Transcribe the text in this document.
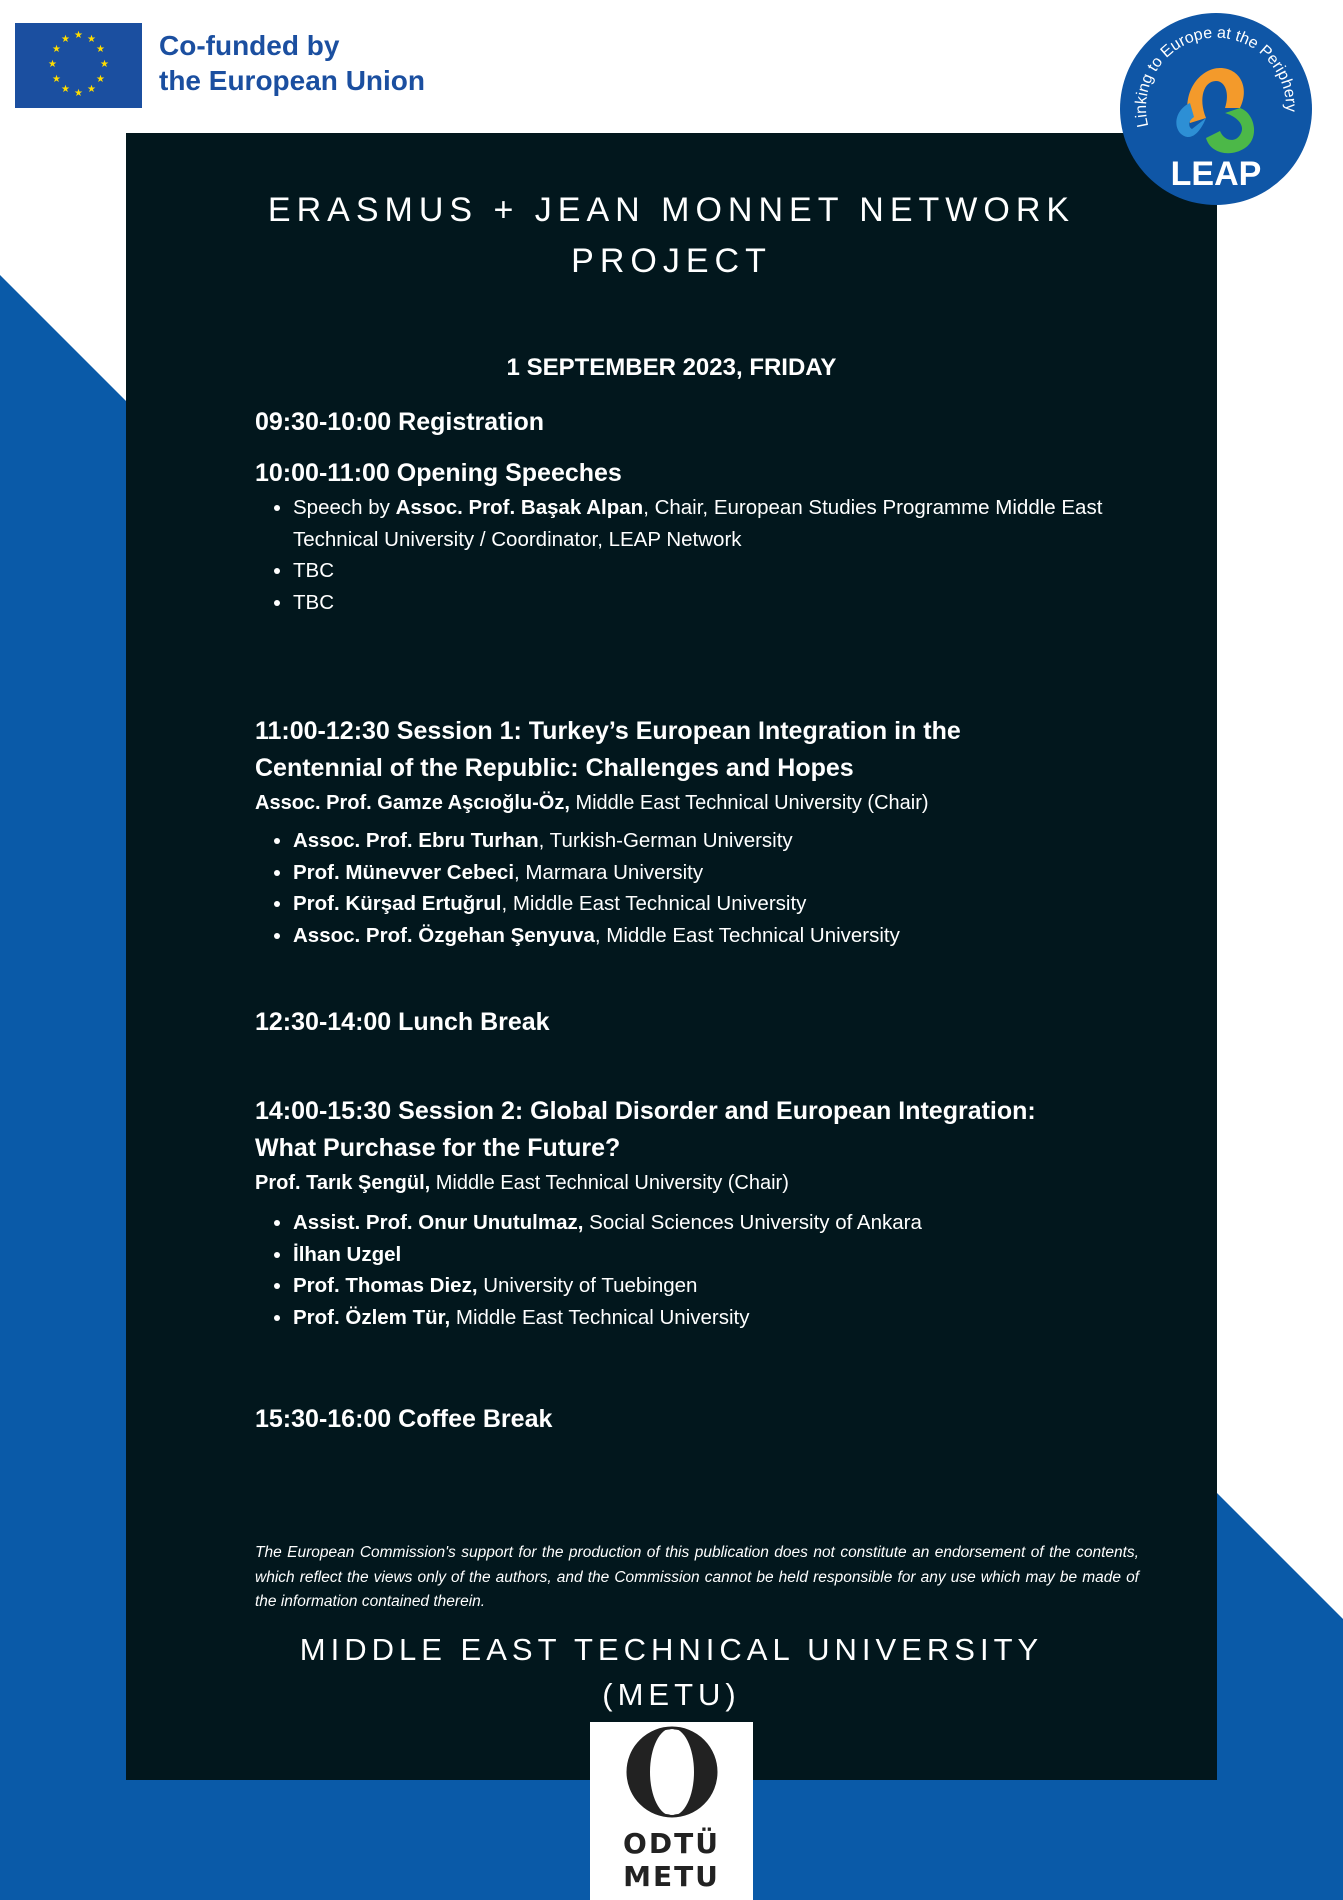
★ ★
★
★
★
★
★
★
★
★
★
★	Co-funded by
the European Union
Linking to Europe at the Periphery
LEAP
ERASMUS + JEAN MONNET NETWORK
PROJECT
1 SEPTEMBER 2023, FRIDAY

09:30-10:00 Registration

10:00-11:00 Opening Speeches

• Speech by Assoc. Prof. Başak Alpan, Chair, European Studies Programme Middle East Technical University / Coordinator, LEAP Network
• TBC
• TBC

11:00-12:30 Session 1: Turkey’s European Integration in the

Centennial of the Republic: Challenges and Hopes

Assoc. Prof. Gamze Aşcıoğlu-Öz, Middle East Technical University (Chair)

• Assoc. Prof. Ebru Turhan, Turkish-German University
• Prof. Münevver Cebeci, Marmara University
• Prof. Kürşad Ertuğrul, Middle East Technical University
• Assoc. Prof. Özgehan Şenyuva, Middle East Technical University

12:30-14:00 Lunch Break

14:00-15:30 Session 2: Global Disorder and European Integration:

What Purchase for the Future?

Prof. Tarık Şengül, Middle East Technical University (Chair)

• Assist. Prof. Onur Unutulmaz, Social Sciences University of Ankara
• İlhan Uzgel
• Prof. Thomas Diez, University of Tuebingen
• Prof. Özlem Tür, Middle East Technical University

15:30-16:00 Coffee Break

The European Commission's support for the production of this publication does not constitute an endorsement of the contents, which reflect the views only of the authors, and the Commission cannot be held responsible for any use which may be made of the information contained therein.
MIDDLE EAST TECHNICAL UNIVERSITY
(METU)
ODTÜ
METU
